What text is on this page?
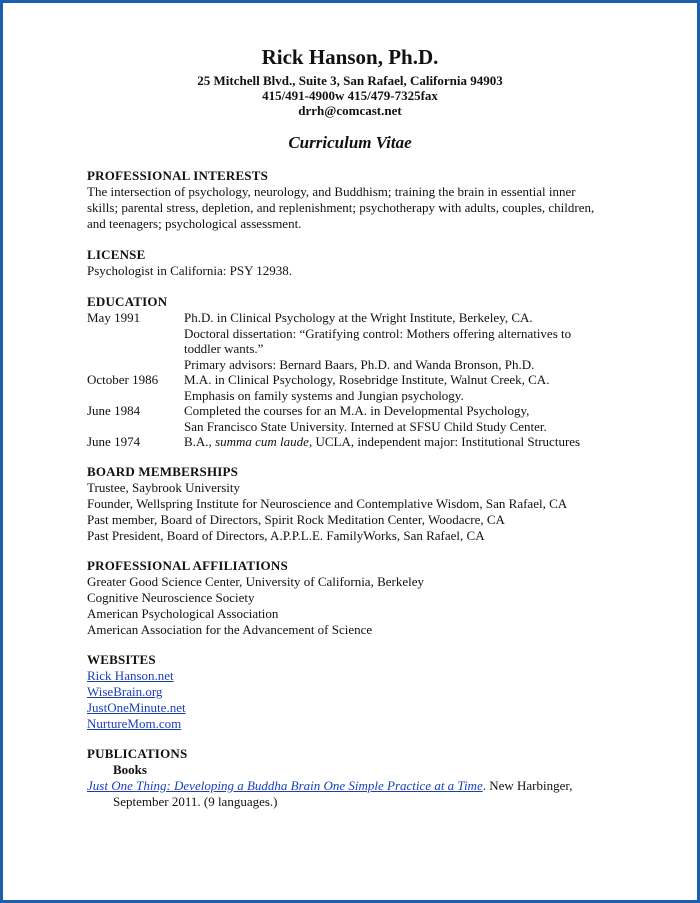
Rick Hanson, Ph.D.
25 Mitchell Blvd., Suite 3, San Rafael, California 94903
415/491-4900w 415/479-7325fax
drrh@comcast.net
Curriculum Vitae
PROFESSIONAL INTERESTS
The intersection of psychology, neurology, and Buddhism; training the brain in essential inner
skills; parental stress, depletion, and replenishment; psychotherapy with adults, couples, children,
and teenagers; psychological assessment.
LICENSE
Psychologist in California: PSY 12938.
EDUCATION
May 1991	Ph.D. in Clinical Psychology at the Wright Institute, Berkeley, CA.
Doctoral dissertation: “Gratifying control: Mothers offering alternatives to
toddler wants.”
Primary advisors: Bernard Baars, Ph.D. and Wanda Bronson, Ph.D.
October 1986 M.A. in Clinical Psychology, Rosebridge Institute, Walnut Creek, CA.
Emphasis on family systems and Jungian psychology.
June 1984	Completed the courses for an M.A. in Developmental Psychology,
San Francisco State University. Interned at SFSU Child Study Center.
June 1974	B.A., summa cum laude, UCLA, independent major: Institutional Structures
BOARD MEMBERSHIPS
Trustee, Saybrook University
Founder, Wellspring Institute for Neuroscience and Contemplative Wisdom, San Rafael, CA
Past member, Board of Directors, Spirit Rock Meditation Center, Woodacre, CA
Past President, Board of Directors, A.P.P.L.E. FamilyWorks, San Rafael, CA
PROFESSIONAL AFFILIATIONS
Greater Good Science Center, University of California, Berkeley
Cognitive Neuroscience Society
American Psychological Association
American Association for the Advancement of Science
WEBSITES
Rick Hanson.net
WiseBrain.org
JustOneMinute.net
NurtureMom.com
PUBLICATIONS
Books
Just One Thing: Developing a Buddha Brain One Simple Practice at a Time. New Harbinger,
September 2011. (9 languages.)
